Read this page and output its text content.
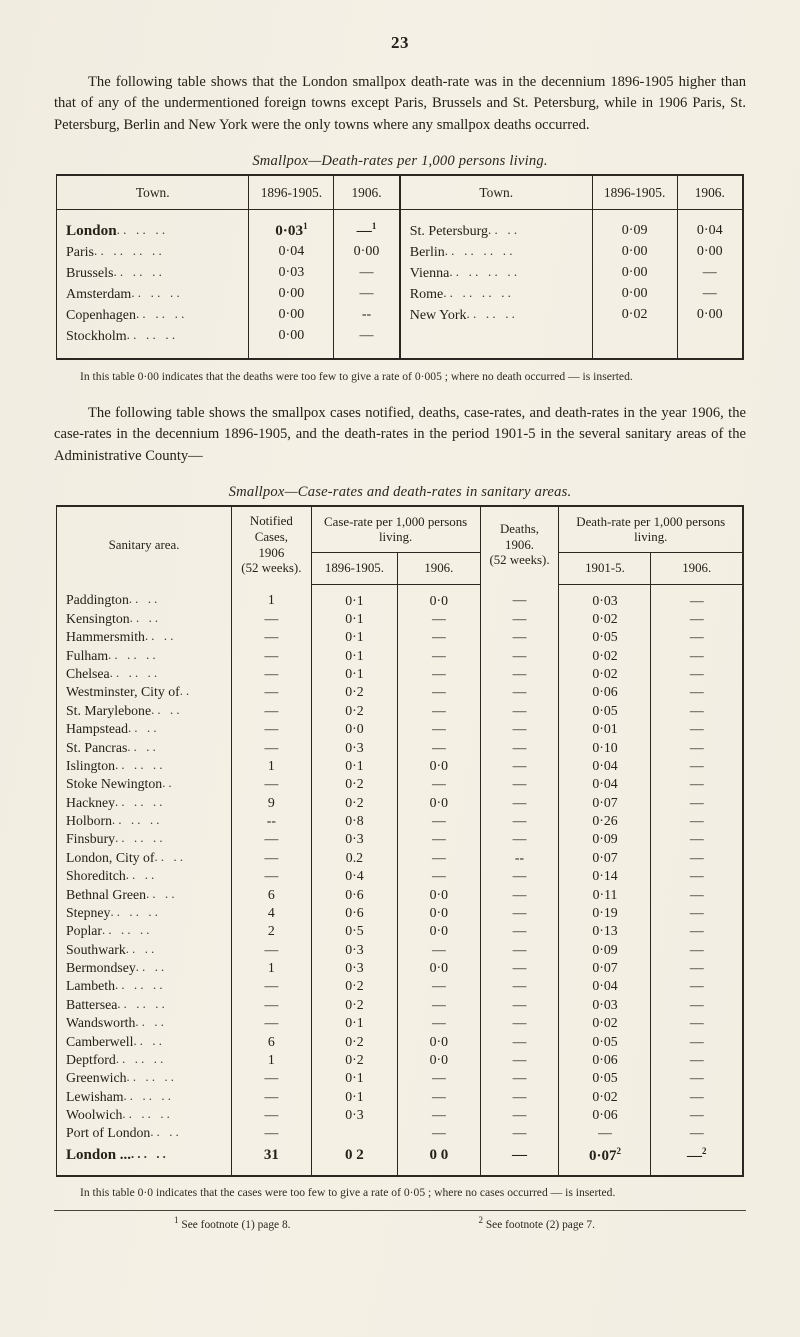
23

The following table shows that the London smallpox death-rate was in the decennium 1896-1905 higher than that of any of the undermentioned foreign towns except Paris, Brussels and St. Petersburg, while in 1906 Paris, St. Petersburg, Berlin and New York were the only towns where any smallpox deaths occurred.

Smallpox—Death-rates per 1,000 persons living.
Town.	1896-1905.	1906.	Town.	1896-1905.	1906.
London.. .. ..	0·03$^1$	—$^1$	St. Petersburg.. ..	0·09	0·04
Paris.. .. .. ..	0·04	0·00	Berlin.. .. .. ..	0·00	0·00
Brussels.. .. ..	0·03	—	Vienna.. .. .. ..	0·00	—
Amsterdam.. .. ..	0·00	—	Rome.. .. .. ..	0·00	—
Copenhagen.. .. ..	0·00	--	New York.. .. ..	0·02	0·00
Stockholm.. .. ..	0·00	—			

In this table 0·00 indicates that the deaths were too few to give a rate of 0·005 ; where no death occurred — is inserted.

The following table shows the smallpox cases notified, deaths, case-rates, and death-rates in the year 1906, the case-rates in the decennium 1896-1905, and the death-rates in the period 1901-5 in the several sanitary areas of the Administrative County—

Smallpox—Case-rates and death-rates in sanitary areas.
Sanitary area.	Notified
Cases,
1906
(52 weeks).	Case-rate per 1,000 persons living.		Deaths,
1906.
(52 weeks).	Death-rate per 1,000 persons living.	
		1896-1905.	1906.		1901-5.	1906.
Paddington.. ..	1	0·1	0·0	—	0·03	—
Kensington.. ..	—	0·1	—	—	0·02	—
Hammersmith.. ..	—	0·1	—	—	0·05	—
Fulham.. .. ..	—	0·1	—	—	0·02	—
Chelsea.. .. ..	—	0·1	—	—	0·02	—
Westminster, City of..	—	0·2	—	—	0·06	—
St. Marylebone.. ..	—	0·2	—	—	0·05	—
Hampstead.. ..	—	0·0	—	—	0·01	—
St. Pancras.. ..	—	0·3	—	—	0·10	—
Islington.. .. ..	1	0·1	0·0	—	0·04	—
Stoke Newington..	—	0·2	—	—	0·04	—
Hackney.. .. ..	9	0·2	0·0	—	0·07	—
Holborn.. .. ..	--	0·8	—	—	0·26	—
Finsbury.. .. ..	—	0·3	—	—	0·09	—
London, City of.. ..	—	0.2	—	--	0·07	—
Shoreditch.. ..	—	0·4	—	—	0·14	—
Bethnal Green.. ..	6	0·6	0·0	—	0·11	—
Stepney.. .. ..	4	0·6	0·0	—	0·19	—
Poplar.. .. ..	2	0·5	0·0	—	0·13	—
Southwark.. ..	—	0·3	—	—	0·09	—
Bermondsey.. ..	1	0·3	0·0	—	0·07	—
Lambeth.. .. ..	—	0·2	—	—	0·04	—
Battersea.. .. ..	—	0·2	—	—	0·03	—
Wandsworth.. ..	—	0·1	—	—	0·02	—
Camberwell.. ..	6	0·2	0·0	—	0·05	—
Deptford.. .. ..	1	0·2	0·0	—	0·06	—
Greenwich.. .. ..	—	0·1	—	—	0·05	—
Lewisham.. .. ..	—	0·1	—	—	0·02	—
Woolwich.. .. ..	—	0·3	—	—	0·06	—
Port of London.. ..	—		—	—	—	—
London ...... ..	31	0 2	0 0	—	0·07$^2$	—$^2$

In this table 0·0 indicates that the cases were too few to give a rate of 0·05 ; where no cases occurred — is inserted.

$^1$ See footnote (1) page 8.	$^2$ See footnote (2) page 7.
